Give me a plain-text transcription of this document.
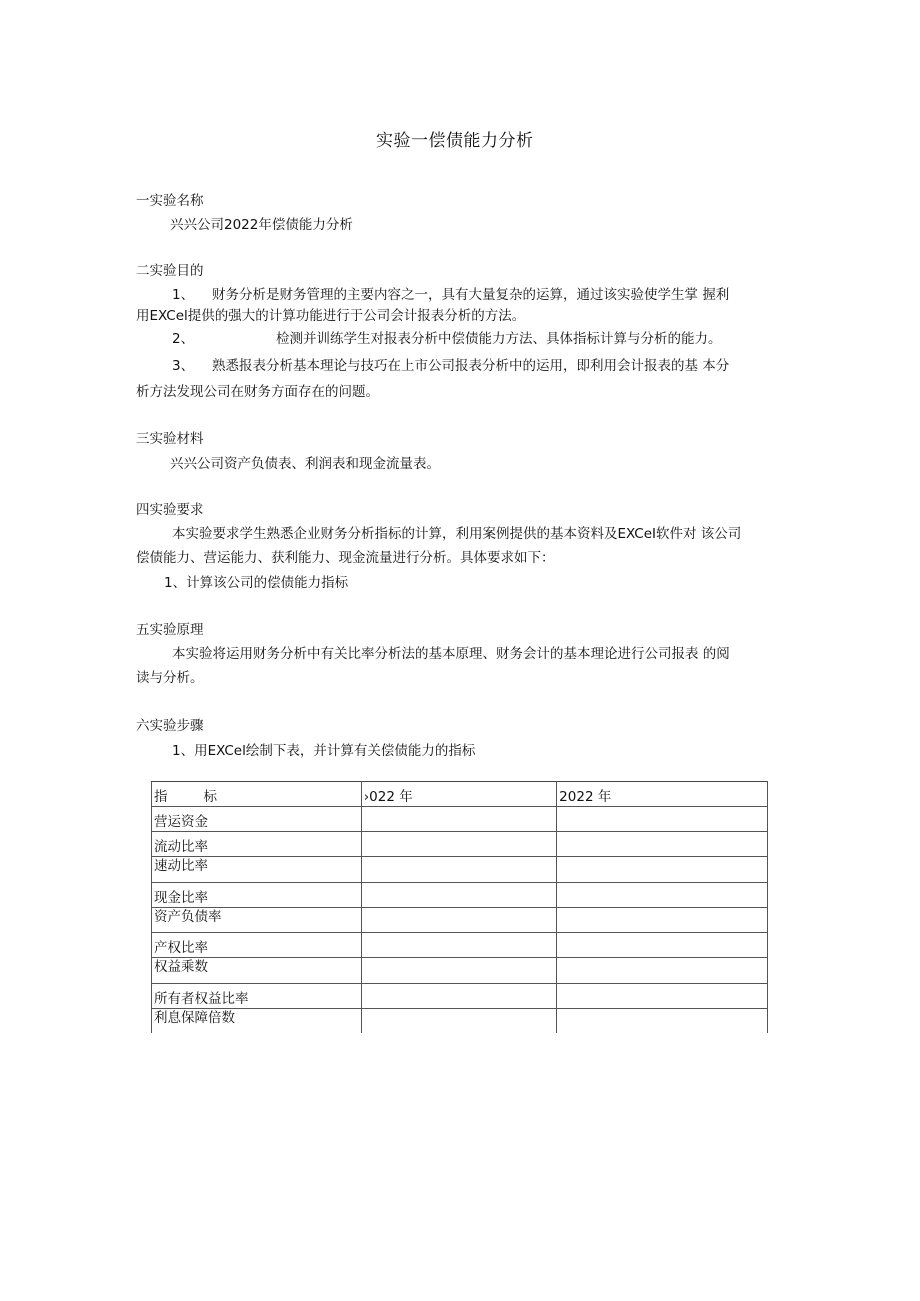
实验一偿债能力分析
一实验名称
兴兴公司2022年偿债能力分析
二实验目的
1、 财务分析是财务管理的主要内容之一，具有大量复杂的运算，通过该实验使学生掌 握利
用EXCel提供的强大的计算功能进行于公司会计报表分析的方法。
2、	检测并训练学生对报表分析中偿债能力方法、具体指标计算与分析的能力。
3、 熟悉报表分析基本理论与技巧在上市公司报表分析中的运用，即利用会计报表的基 本分
析方法发现公司在财务方面存在的问题。
三实验材料
兴兴公司资产负债表、利润表和现金流量表。
四实验要求
本实验要求学生熟悉企业财务分析指标的计算，利用案例提供的基本资料及EXCeI软件对 该公司
偿债能力、营运能力、获利能力、现金流量进行分析。具体要求如下：
1、计算该公司的偿债能力指标
五实验原理
本实验将运用财务分析中有关比率分析法的基本原理、财务会计的基本理论进行公司报表 的阅
读与分析。
六实验步骤
1、用EXCel绘制下表，并计算有关偿债能力的指标
指 标	›022 年	2022 年
营运资金		
流动比率		
速动比率		
现金比率		
资产负债率		
产权比率		
权益乘数		
所有者权益比率		
利息保障倍数		
